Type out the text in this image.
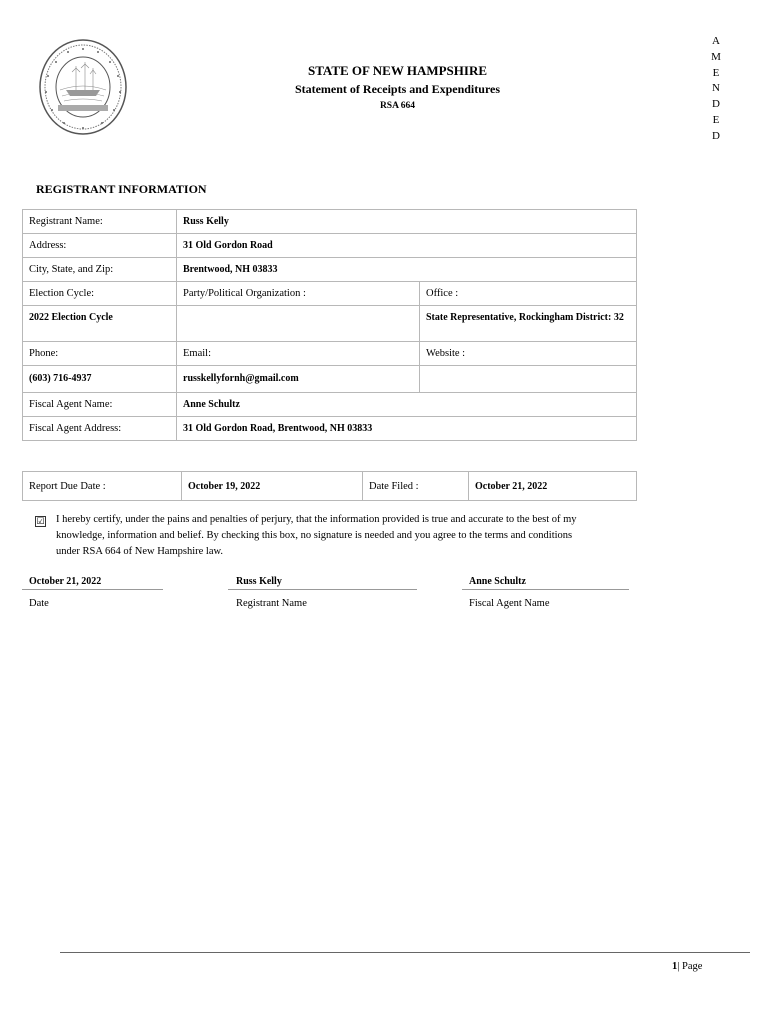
STATE OF NEW HAMPSHIRE
Statement of Receipts and Expenditures
RSA 664
A
M
E
N
D
E
D
REGISTRANT INFORMATION
Registrant Name:	Russ Kelly	
Address:	31 Old Gordon Road	
City, State, and Zip:	Brentwood, NH 03833	
Election Cycle:	Party/Political Organization :	Office :
2022 Election Cycle		State Representative, Rockingham District: 32
Phone:	Email:	Website :
(603) 716-4937	russkellyfornh@gmail.com	
Fiscal Agent Name:	Anne Schultz	
Fiscal Agent Address:	31 Old Gordon Road, Brentwood, NH 03833	
Report Due Date :	October 19, 2022	Date Filed :	October 21, 2022
☑ I hereby certify, under the pains and penalties of perjury, that the information provided is true and accurate to the best of my knowledge, information and belief. By checking this box, no signature is needed and you agree to the terms and conditions under RSA 664 of New Hampshire law.
October 21, 2022
Date
Russ Kelly
Registrant Name
Anne Schultz
Fiscal Agent Name
1| Page
